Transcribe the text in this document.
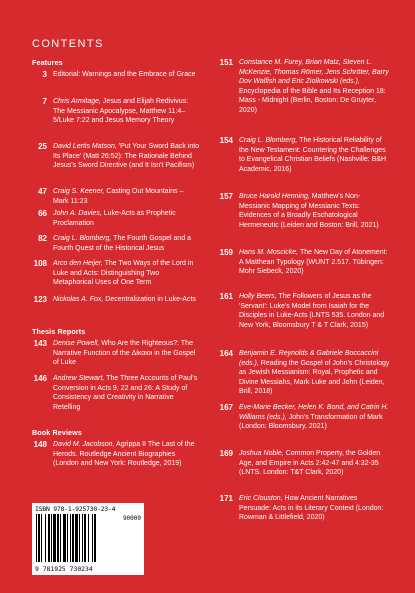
CONTENTS
Features
3 Editorial: Warnings and the Embrace of Grace
7 Chris Armitage, Jesus and Elijah Redivivus: The Messianic Apocalypse, Matthew 11:4–5/Luke 7:22 and Jesus Memory Theory
25 David Lertis Matson, 'Put Your Sword Back into Its Place' (Matt 26:52): The Rationale Behind Jesus's Sword Directive (and It Isn't Pacifism)
47 Craig S. Keener, Casting Out Mountains – Mark 11:23
66 John A. Davies, Luke-Acts as Prophetic Proclamation
82 Craig L. Blomberg, The Fourth Gospel and a Fourth Quest of the Historical Jesus
108 Arco den Heijer, The Two Ways of the Lord in Luke and Acts: Distinguishing Two Metaphorical Uses of One Term
123 Nickolas A. Fox, Decentralization in Luke-Acts
Thesis Reports
143 Denise Powell, Who Are the Righteous?: The Narrative Function of the Δίκαιοι in the Gospel of Luke
146 Andrew Stewart, The Three Accounts of Paul's Conversion in Acts 9, 22 and 26: A Study of Consistency and Creativity in Narrative Retelling
Book Reviews
148 David M. Jacobson, Agrippa II The Last of the Herods. Routledge Ancient Biographies (London and New York: Routledge, 2019)
151 Constance M. Furey, Brian Matz, Steven L. McKenzie, Thomas Römer, Jens Schröter, Barry Dov Walfish and Eric Ziolkowski (eds.), Encyclopedia of the Bible and Its Reception 18: Mass - Midnight (Berlin, Boston: De Gruyter, 2020)
154 Craig L. Blomberg, The Historical Reliability of the New Testament: Countering the Challenges to Evangelical Christian Beliefs (Nashville: B&H Academic, 2016)
157 Bruce Harold Henning, Matthew's Non-Messianic Mapping of Messianic Texts: Evidences of a Broadly Eschatological Hermeneutic (Leiden and Boston: Brill, 2021)
159 Hans M. Moscicke, The New Day of Atonement: A Matthean Typology (WUNT 2.517. Tübingen: Mohr Siebeck, 2020)
161 Holly Beers, The Followers of Jesus as the 'Servant': Luke's Model from Isaiah for the Disciples in Luke-Acts (LNTS 535. London and New York, Bloomsbury T & T Clark, 2015)
164 Benjamin E. Reynolds & Gabriele Boccaccini (eds.), Reading the Gospel of John's Christology as Jewish Messianism: Royal, Prophetic and Divine Messiahs, Mark Luke and John (Leiden, Brill, 2018)
167 Eve-Marie Becker, Helen K. Bond, and Catrin H. Williams (eds.), John's Transformation of Mark (London: Bloomsbury, 2021)
169 Joshua Noble, Common Property, the Golden Age, and Empire in Acts 2:42-47 and 4:32-35 (LNTS. London: T&T Clark, 2020)
171 Eric Clouston, How Ancient Narratives Persuade: Acts in its Literary Context (London: Rowman & Littlefield, 2020)
ISBN 978-1-925730-23-4
90000
9 781925 730234
